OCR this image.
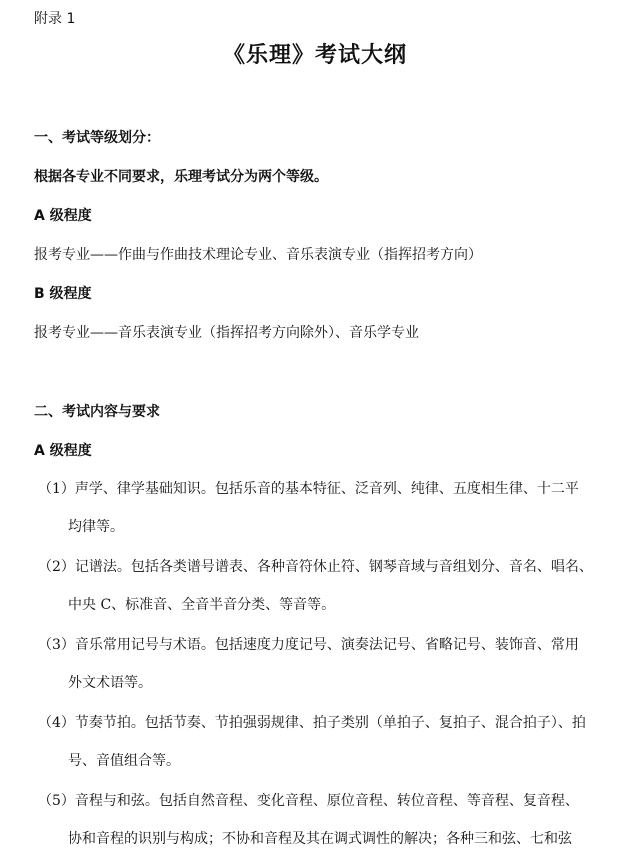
附录 1
《乐理》考试大纲
一、考试等级划分：
根据各专业不同要求，乐理考试分为两个等级。
A 级程度
报考专业——作曲与作曲技术理论专业、音乐表演专业（指挥招考方向）
B 级程度
报考专业——音乐表演专业（指挥招考方向除外）、音乐学专业
二、考试内容与要求
A 级程度
（1）声学、律学基础知识。包括乐音的基本特征、泛音列、纯律、五度相生律、十二平
均律等。
（2）记谱法。包括各类谱号谱表、各种音符休止符、钢琴音域与音组划分、音名、唱名、
中央 C、标准音、全音半音分类、等音等。
（3）音乐常用记号与术语。包括速度力度记号、演奏法记号、省略记号、装饰音、常用
外文术语等。
（4）节奏节拍。包括节奏、节拍强弱规律、拍子类别（单拍子、复拍子、混合拍子）、拍
号、音值组合等。
（5）音程与和弦。包括自然音程、变化音程、原位音程、转位音程、等音程、复音程、
协和音程的识别与构成；不协和音程及其在调式调性的解决；各种三和弦、七和弦
